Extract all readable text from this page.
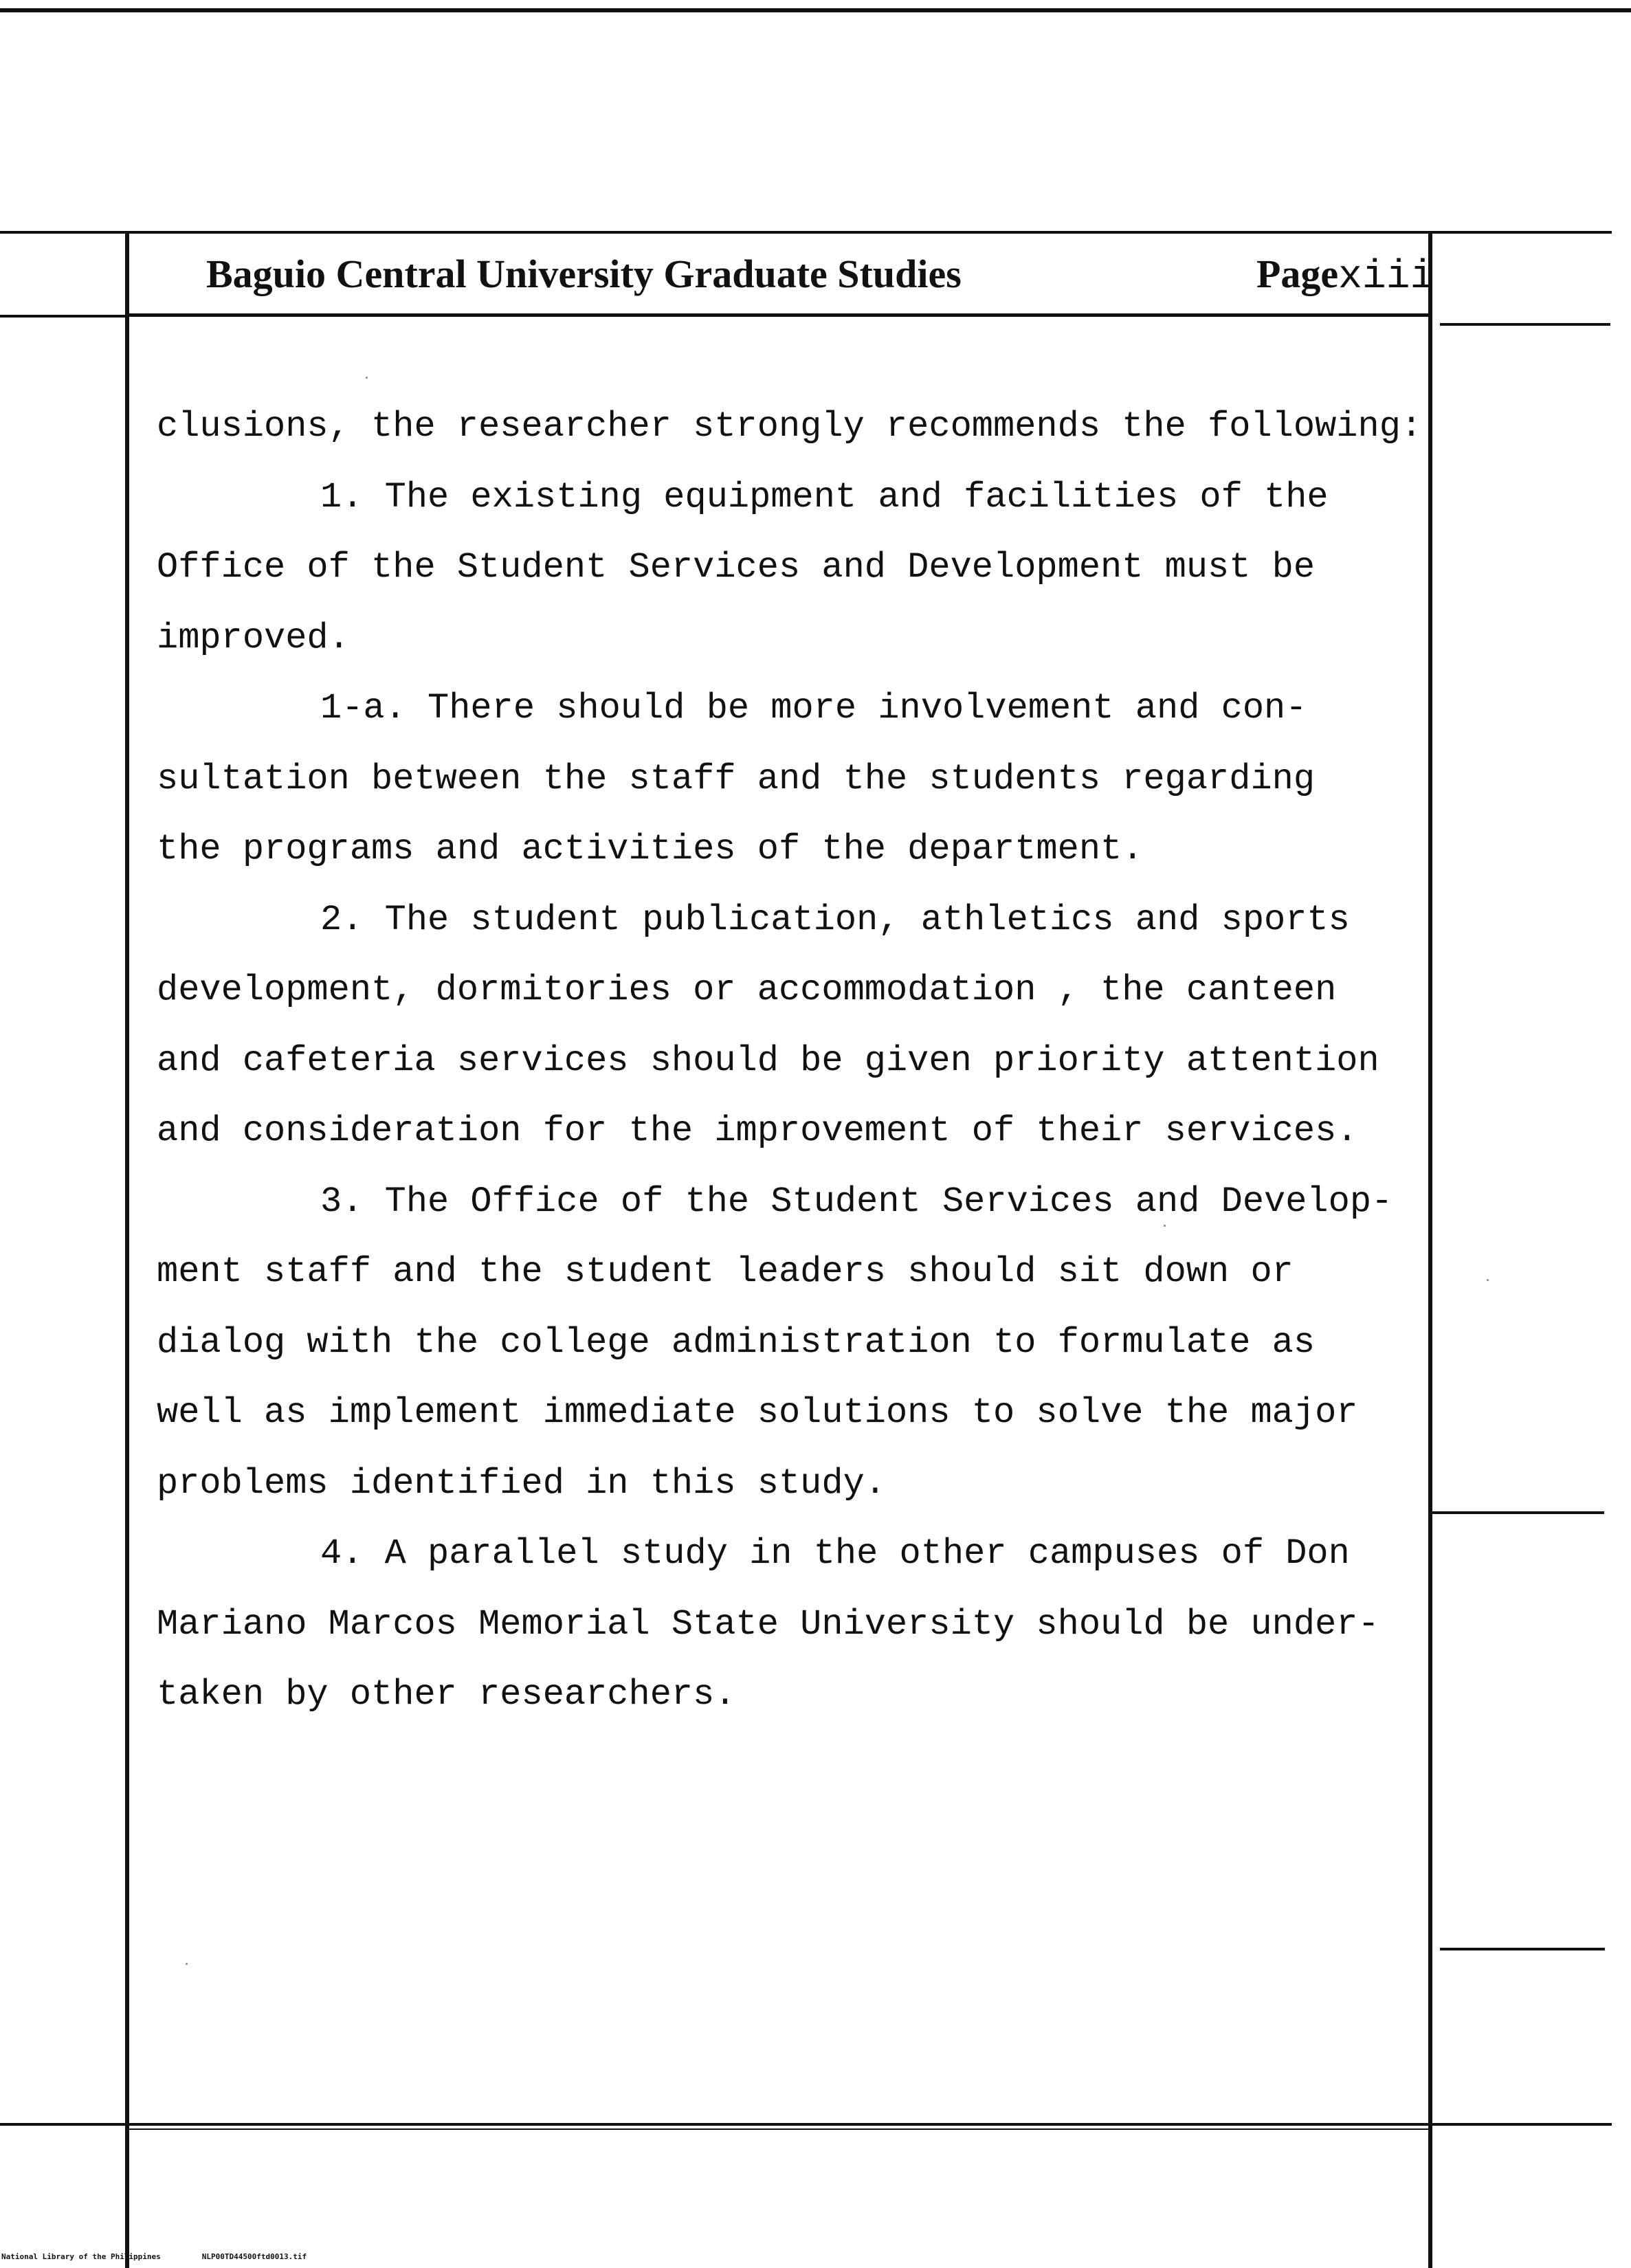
Baguio Central University Graduate Studies	Pagexiii

clusions, the researcher strongly recommends the following:

1. The existing equipment and facilities of the

Office of the Student Services and Development must be

improved.

1-a. There should be more involvement and con-

sultation between the staff and the students regarding

the programs and activities of the department.

2. The student publication, athletics and sports

development, dormitories or accommodation , the canteen

and cafeteria services should be given priority attention

and consideration for the improvement of their services.

3. The Office of the Student Services and Develop-

ment staff and the student leaders should sit down or

dialog with the college administration to formulate as

well as implement immediate solutions to solve the major

problems identified in this study.

4. A parallel study in the other campuses of Don

Mariano Marcos Memorial State University should be under-

taken by other researchers.

National Library of the Philippines	NLP00TD44500ftd0013.tif
